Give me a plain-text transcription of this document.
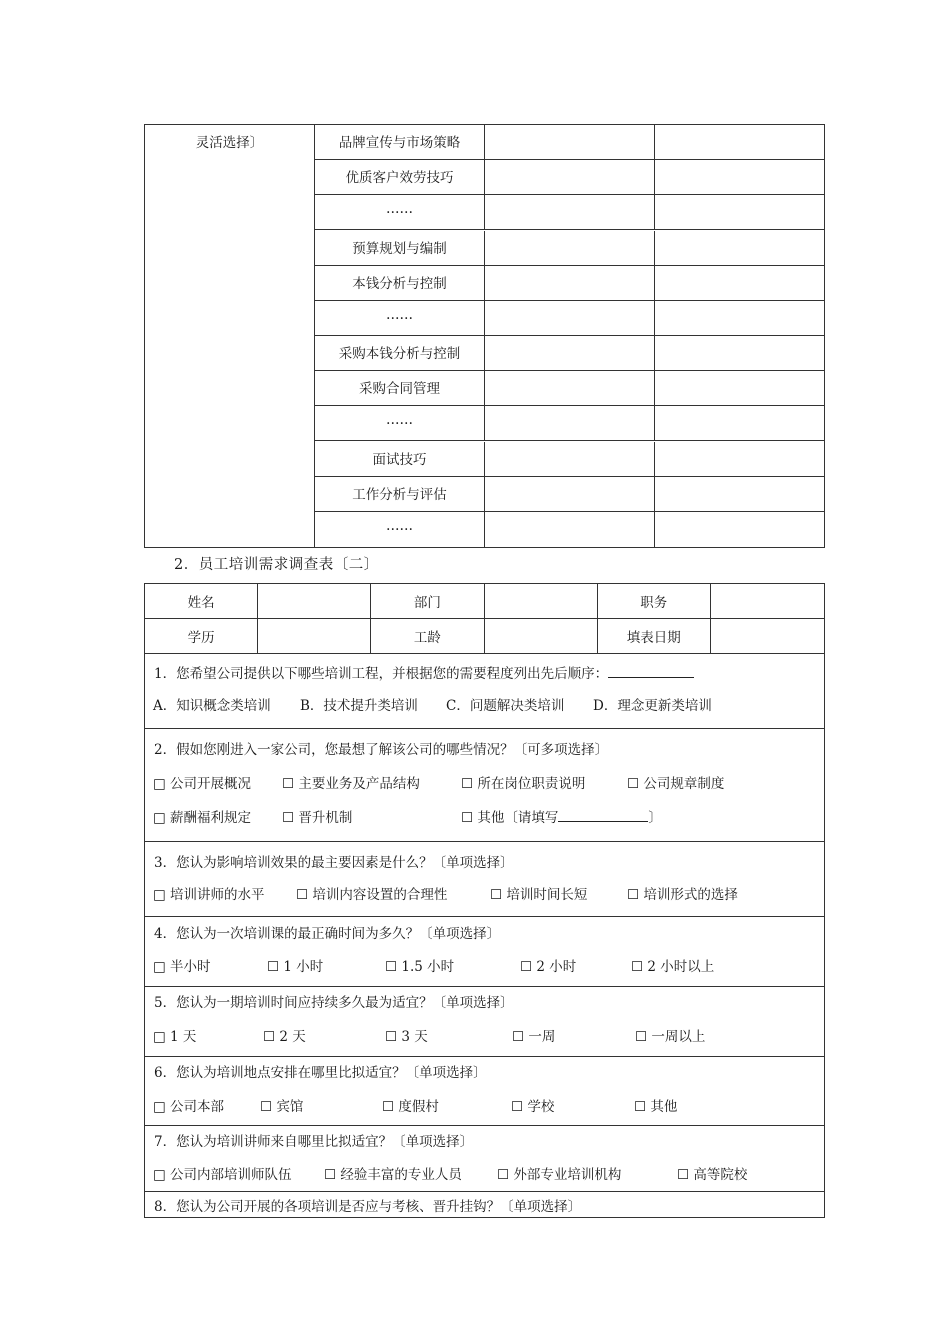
灵活选择〕	品牌宣传与市场策略
优质客户效劳技巧
……
预算规划与编制
本钱分析与控制
……
采购本钱分析与控制
采购合同管理
……
面试技巧
工作分析与评估
……
2．员工培训需求调查表〔二〕
姓名	部门	职务
学历	工龄	填表日期
1．您希望公司提供以下哪些培训工程，并根据您的需要程度列出先后顺序：
A．知识概念类培训 B．技术提升类培训 C．问题解决类培训 D．理念更新类培训
2．假如您刚进入一家公司，您最想了解该公司的哪些情况？〔可多项选择〕
□ 公司开展概况 ☐ 主要业务及产品结构	☐ 所在岗位职责说明	☐ 公司规章制度
□ 薪酬福利规定 ☐ 晋升机制	☐ 其他〔请填写	〕
3．您认为影响培训效果的最主要因素是什么？〔单项选择〕
□ 培训讲师的水平 ☐ 培训内容设置的合理性	☐ 培训时间长短	☐ 培训形式的选择
4．您认为一次培训课的最正确时间为多久？〔单项选择〕
□ 半小时	☐ 1 小时	☐ 1.5 小时	☐ 2 小时	☐ 2 小时以上
5．您认为一期培训时间应持续多久最为适宜？〔单项选择〕
□ 1 天	☐ 2 天	☐ 3 天	☐ 一周	☐ 一周以上
6．您认为培训地点安排在哪里比拟适宜？〔单项选择〕
□ 公司本部	☐ 宾馆	☐ 度假村	☐ 学校	☐ 其他
7．您认为培训讲师来自哪里比拟适宜？〔单项选择〕
□ 公司内部培训师队伍 ☐ 经验丰富的专业人员	☐ 外部专业培训机构	☐ 高等院校
8．您认为公司开展的各项培训是否应与考核、晋升挂钩？〔单项选择〕
